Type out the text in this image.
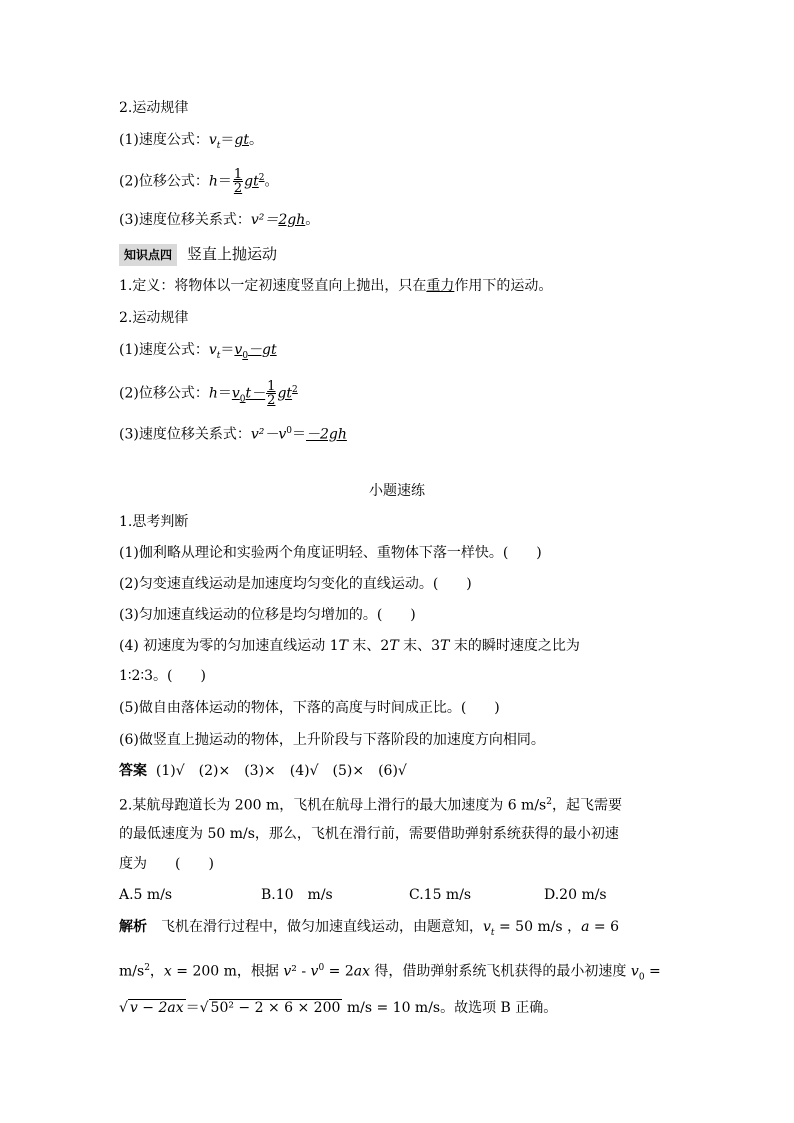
2.运动规律
(1)速度公式：$v_t=gt$。
(2)位移公式：$h= \frac{1}{2} gt^2$。
(3)速度位移关系式：v²＝2gh。
知识点四 竖直上抛运动
1.定义：将物体以一定初速度竖直向上抛出，只在重力作用下的运动。
2.运动规律
(1)速度公式：$v_t=v_0-gt$
(2)位移公式：$h=v_0t- \frac{1}{2} gt^2$
(3)速度位移关系式：$v^2-v^0=-2gh$
小题速练
1.思考判断
(1)伽利略从理论和实验两个角度证明轻、重物体下落一样快。(　　)
(2)匀变速直线运动是加速度均匀变化的直线运动。(　　)
(3)匀加速直线运动的位移是均匀增加的。(　　)
(4) 初速度为零的匀加速直线运动 1T 末、2T 末、3T 末的瞬时速度之比为
1∶2∶3。(　　)
(5)做自由落体运动的物体，下落的高度与时间成正比。(　　)
(6)做竖直上抛运动的物体，上升阶段与下落阶段的加速度方向相同。
答案 (1)√　(2)×　(3)×　(4)√　(5)×　(6)√
2.某航母跑道长为 200 m，飞机在航母上滑行的最大加速度为 6 $m/s^2$，起飞需要
的最低速度为 50 m/s，那么，飞机在滑行前，需要借助弹射系统获得的最小初速
度为　　(　　)
A.5 m/s	B.10　m/s	C.15 m/s	D.20 m/s
解析　飞机在滑行过程中，做匀加速直线运动，由题意知，$v_t = 50$ m/s ，a = 6
$m/s^2$，x = 200 m，根据 $v^2 - v^0 = 2ax$ 得，借助弹射系统飞机获得的最小初速度 $v_0$ =
√ v − 2ax ＝√ 50² − 2 × 6 × 200 m/s = 10 m/s。故选项 B 正确。
